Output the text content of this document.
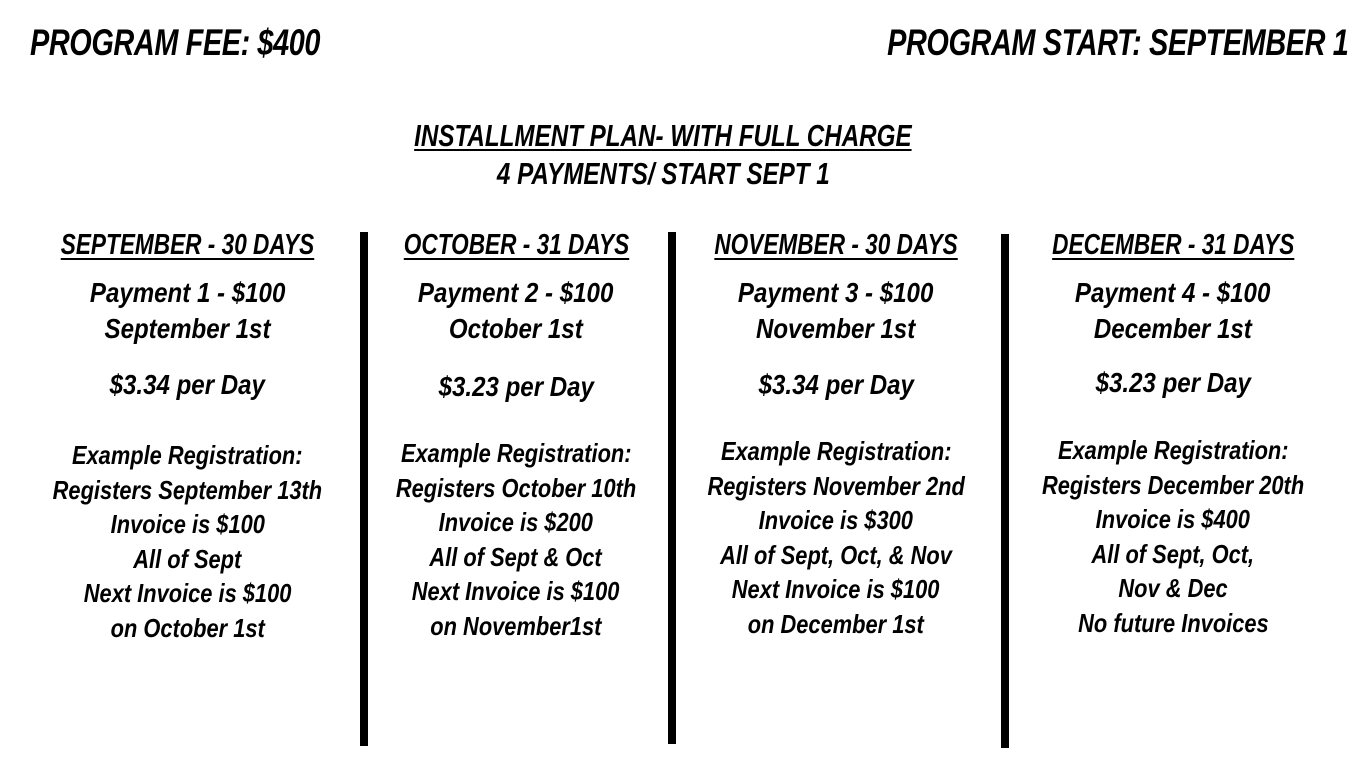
PROGRAM FEE: $400	PROGRAM START: SEPTEMBER 1
INSTALLMENT PLAN- WITH FULL CHARGE
4 PAYMENTS/ START SEPT 1
SEPTEMBER - 30 DAYS
Payment 1 - $100
September 1st
$3.34 per Day
Example Registration:
Registers September 13th
Invoice is $100
All of Sept
Next Invoice is $100
on October 1st
OCTOBER - 31 DAYS
Payment 2 - $100
October 1st
$3.23 per Day
Example Registration:
Registers October 10th
Invoice is $200
All of Sept & Oct
Next Invoice is $100
on November1st
NOVEMBER - 30 DAYS
Payment 3 - $100
November 1st
$3.34 per Day
Example Registration:
Registers November 2nd
Invoice is $300
All of Sept, Oct, & Nov
Next Invoice is $100
on December 1st
DECEMBER - 31 DAYS
Payment 4 - $100
December 1st
$3.23 per Day
Example Registration:
Registers December 20th
Invoice is $400
All of Sept, Oct,
Nov & Dec
No future Invoices
